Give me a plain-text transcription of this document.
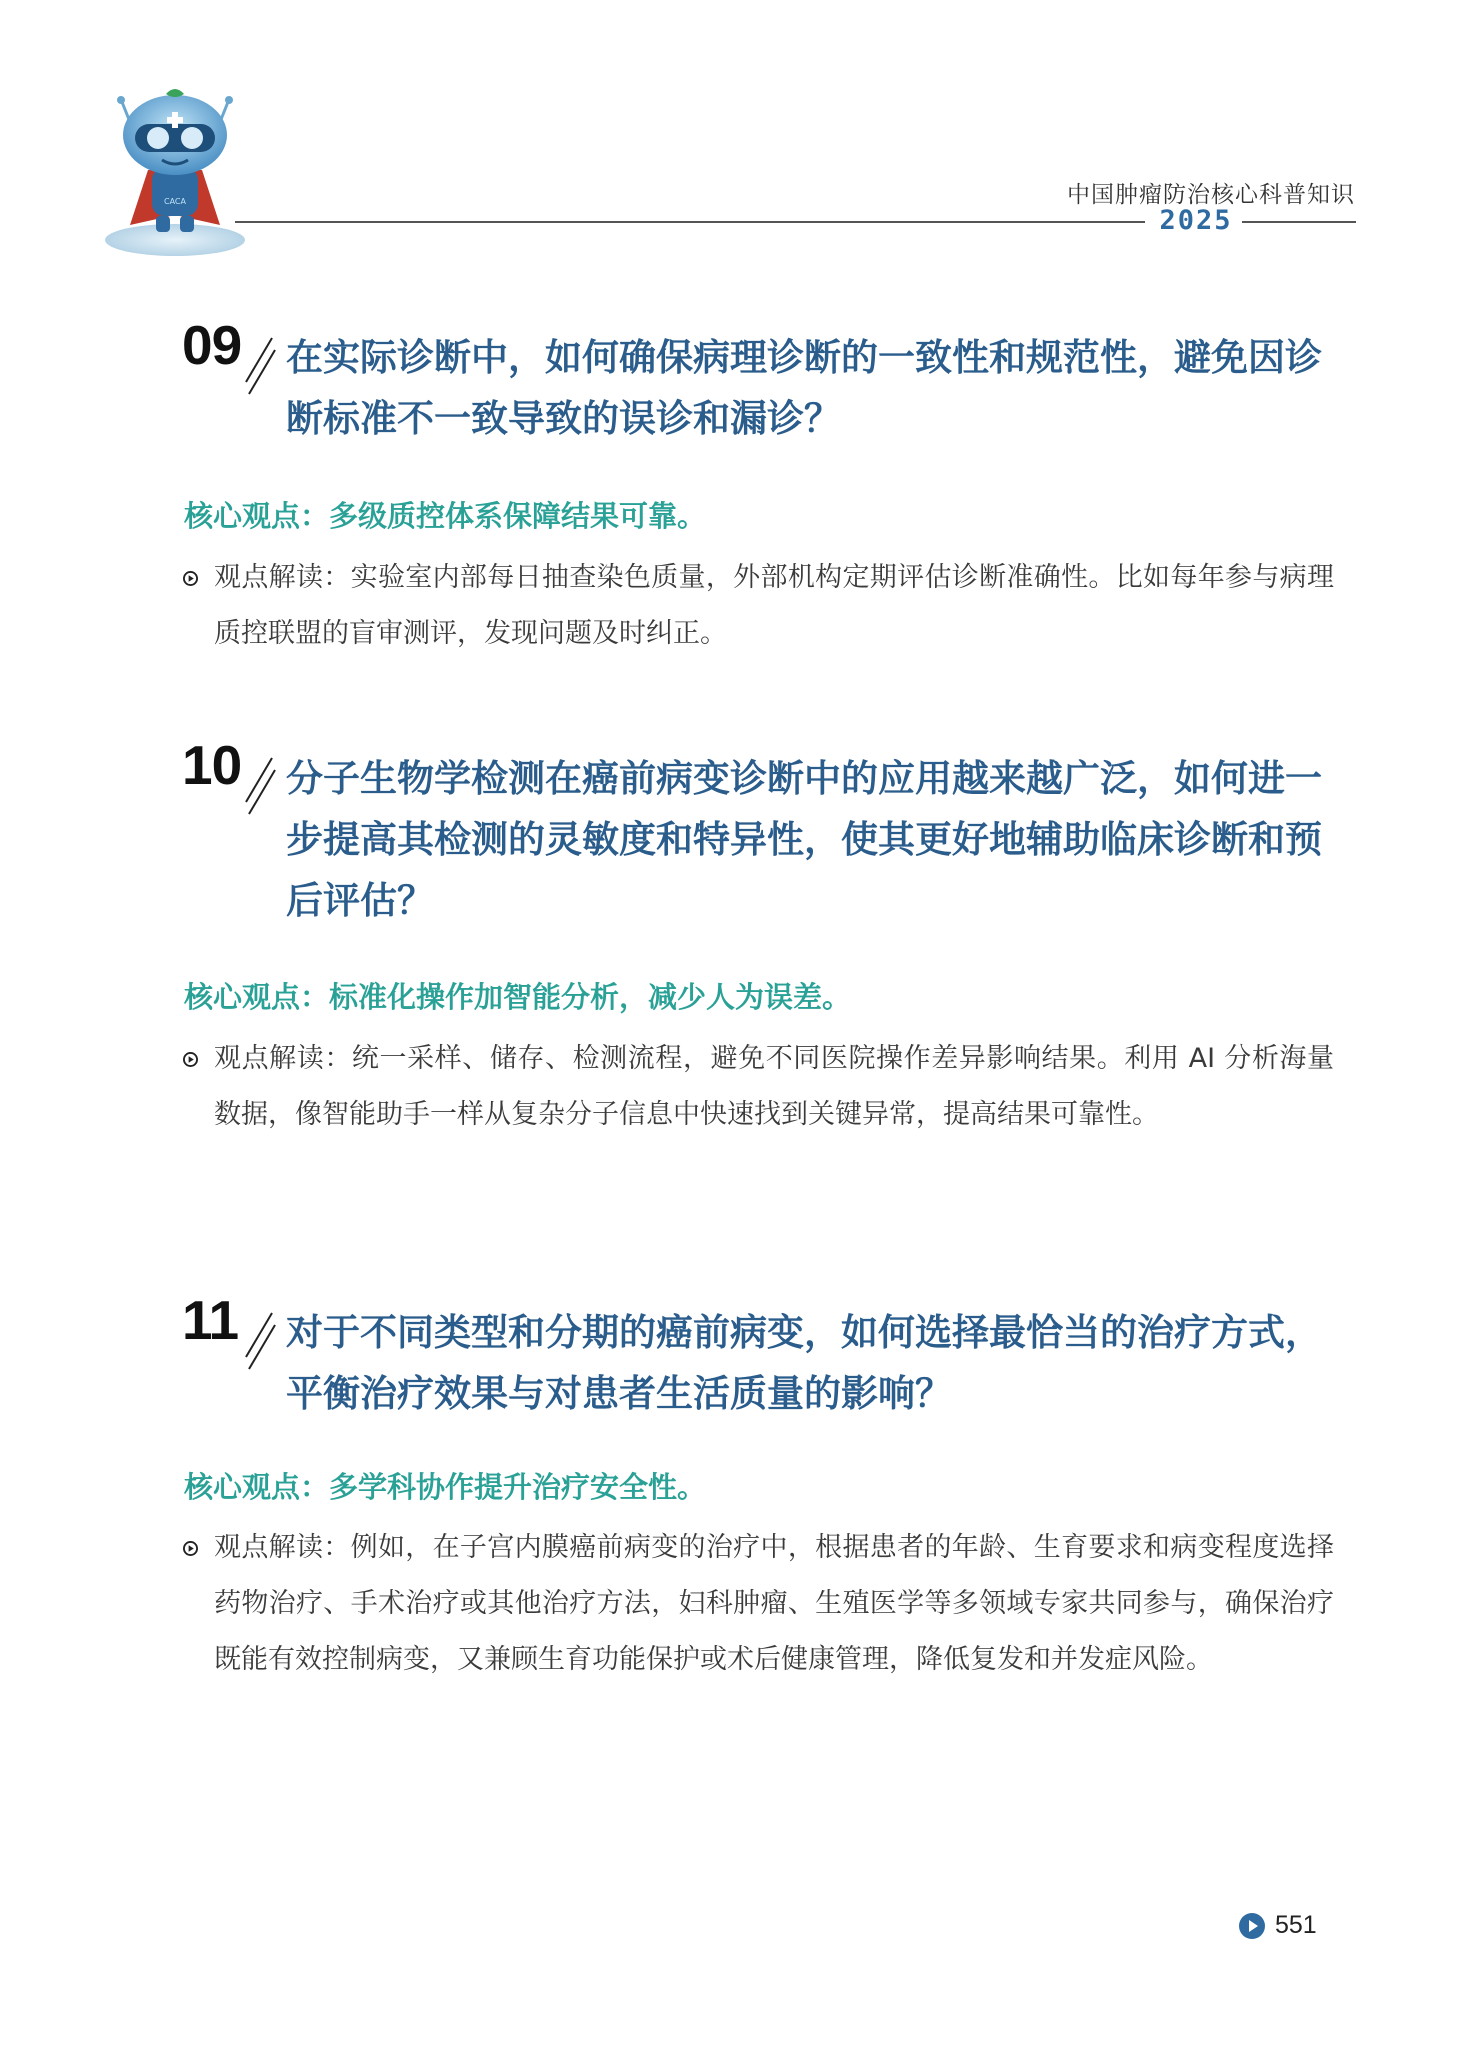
CACA	中国肿瘤防治核心科普知识
2025
09 在实际诊断中，如何确保病理诊断的一致性和规范性，避免因诊断标准不一致导致的误诊和漏诊？

核心观点：多级质控体系保障结果可靠。

观点解读：实验室内部每日抽查染色质量，外部机构定期评估诊断准确性。比如每年参与病理质控联盟的盲审测评，发现问题及时纠正。

10 分子生物学检测在癌前病变诊断中的应用越来越广泛，如何进一步提高其检测的灵敏度和特异性，使其更好地辅助临床诊断和预后评估？

核心观点：标准化操作加智能分析，减少人为误差。

观点解读：统一采样、储存、检测流程，避免不同医院操作差异影响结果。利用 AI 分析海量数据，像智能助手一样从复杂分子信息中快速找到关键异常，提高结果可靠性。

11 对于不同类型和分期的癌前病变，如何选择最恰当的治疗方式，平衡治疗效果与对患者生活质量的影响？

核心观点：多学科协作提升治疗安全性。

观点解读：例如，在子宫内膜癌前病变的治疗中，根据患者的年龄、生育要求和病变程度选择药物治疗、手术治疗或其他治疗方法，妇科肿瘤、生殖医学等多领域专家共同参与，确保治疗既能有效控制病变，又兼顾生育功能保护或术后健康管理，降低复发和并发症风险。

551
